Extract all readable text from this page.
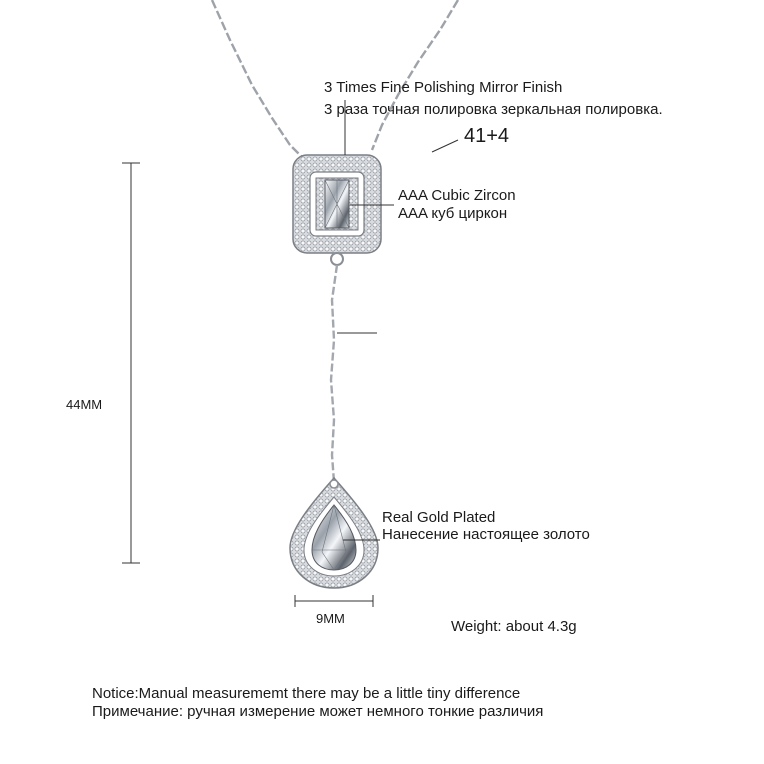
3 Times Fine Polishing Mirror Finish
3 раза точная полировка зеркальная полировка.
41+4
AAA Cubic Zircon
AAA куб циркон
44MM
Real Gold Plated
Нанесение настоящее золото
9MM	Weight: about 4.3g
Notice:Manual measurememt there may be a little tiny difference
Примечание: ручная измерение может немного тонкие различия
